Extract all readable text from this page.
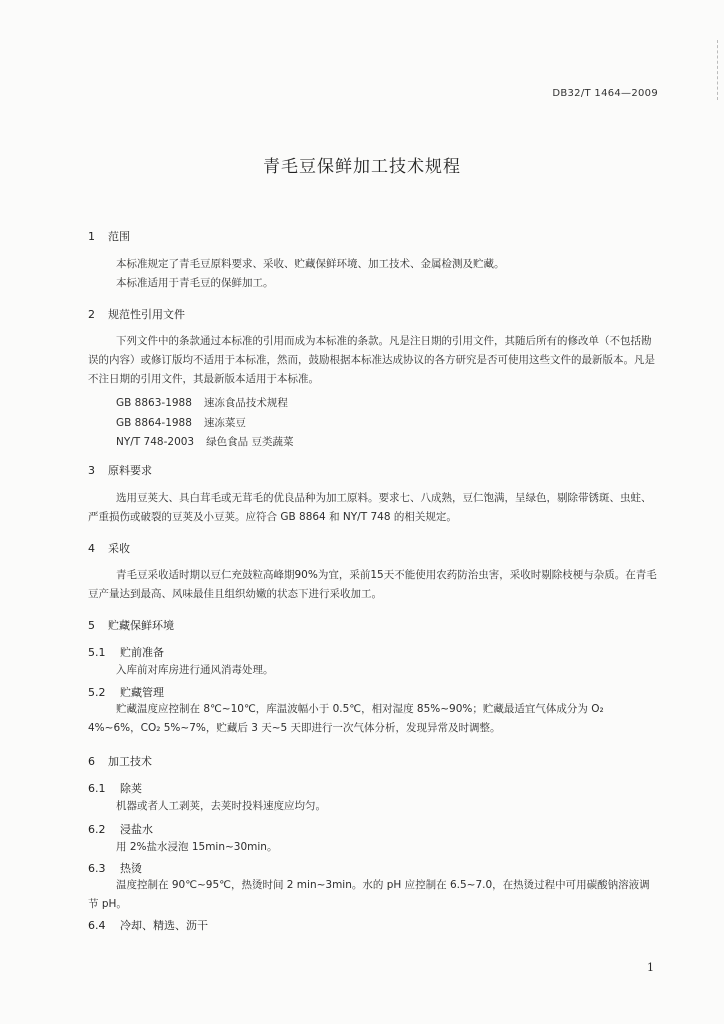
DB32/T 1464—2009
青毛豆保鲜加工技术规程
1 范围
本标准规定了青毛豆原料要求、采收、贮藏保鲜环境、加工技术、金属检测及贮藏。
本标准适用于青毛豆的保鲜加工。
2 规范性引用文件
下列文件中的条款通过本标准的引用而成为本标准的条款。凡是注日期的引用文件，其随后所有的修改单（不包括勘误的内容）或修订版均不适用于本标准，然而，鼓励根据本标准达成协议的各方研究是否可使用这些文件的最新版本。凡是不注日期的引用文件，其最新版本适用于本标准。
GB 8863-1988 速冻食品技术规程
GB 8864-1988 速冻菜豆
NY/T 748-2003 绿色食品 豆类蔬菜
3 原料要求
选用豆荚大、具白茸毛或无茸毛的优良品种为加工原料。要求七、八成熟，豆仁饱满，呈绿色，剔除带锈斑、虫蛀、严重损伤或破裂的豆荚及小豆荚。应符合 GB 8864 和 NY/T 748 的相关规定。
4 采收
青毛豆采收适时期以豆仁充鼓粒高峰期90%为宜，采前15天不能使用农药防治虫害，采收时剔除枝梗与杂质。在青毛豆产量达到最高、风味最佳且组织幼嫩的状态下进行采收加工。
5 贮藏保鲜环境
5.1 贮前准备
入库前对库房进行通风消毒处理。
5.2 贮藏管理
贮藏温度应控制在 8℃~10℃，库温波幅小于 0.5℃，相对湿度 85%~90%；贮藏最适宜气体成分为 O₂ 4%~6%，CO₂ 5%~7%，贮藏后 3 天~5 天即进行一次气体分析，发现异常及时调整。
6 加工技术
6.1 除荚
机器或者人工剥荚，去荚时投料速度应均匀。
6.2 浸盐水
用 2%盐水浸泡 15min~30min。
6.3 热烫
温度控制在 90℃~95℃，热烫时间 2 min~3min。水的 pH 应控制在 6.5~7.0，在热烫过程中可用碳酸钠溶液调节 pH。
6.4 冷却、精选、沥干
1
